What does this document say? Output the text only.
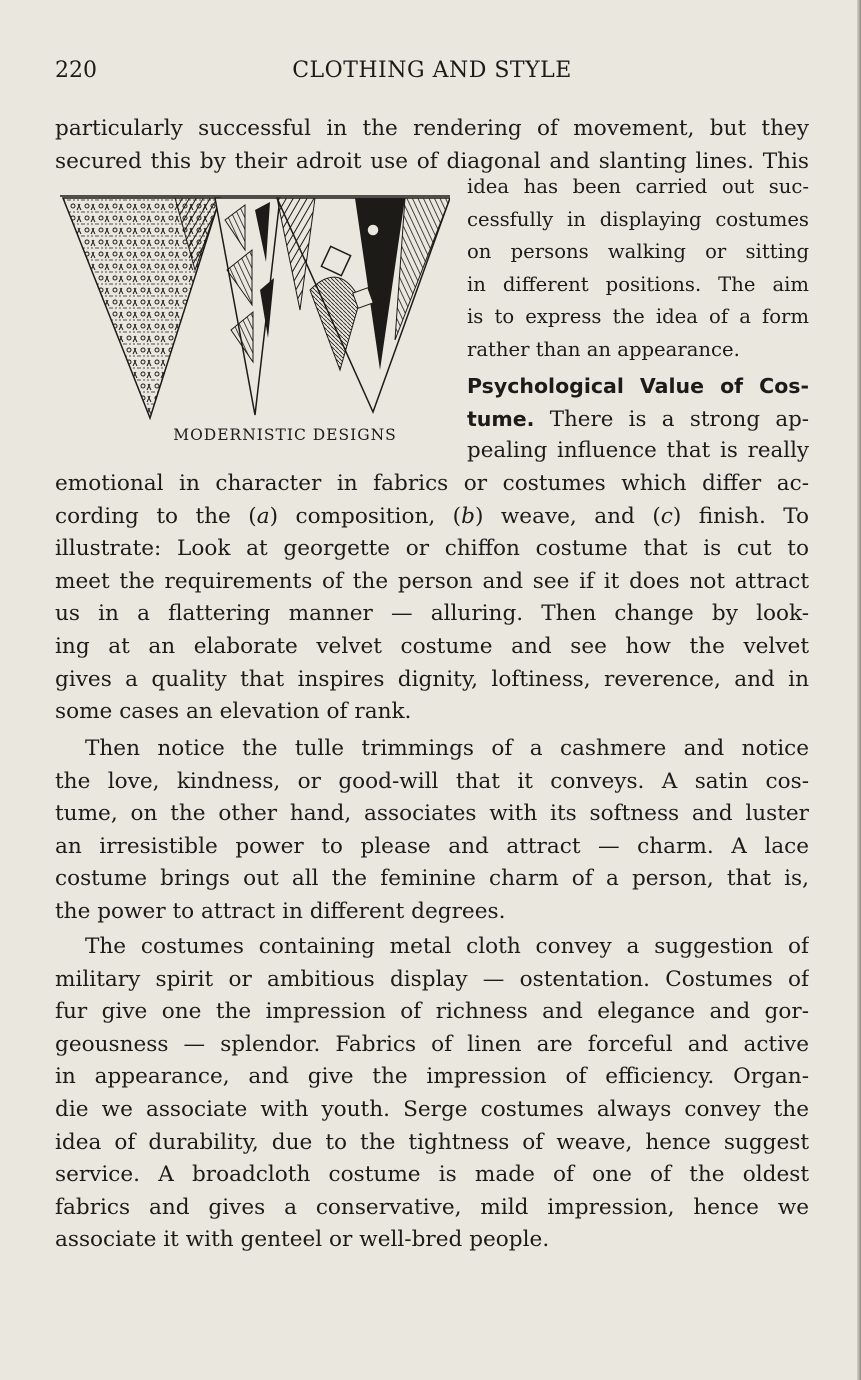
220	CLOTHING AND STYLE
particularly successful in the rendering of movement, but they
secured this by their adroit use of diagonal and slanting lines. This
MODERNISTIC DESIGNS
idea has been carried out suc-
cessfully in displaying costumes
on persons walking or sitting
in different positions. The aim
is to express the idea of a form
rather than an appearance.
Psychological Value of Cos-
tume. There is a strong ap-
pealing influence that is really
emotional in character in fabrics or costumes which differ ac-
cording to the (a) composition, (b) weave, and (c) finish. To
illustrate: Look at georgette or chiffon costume that is cut to
meet the requirements of the person and see if it does not attract
us in a flattering manner — alluring. Then change by look-
ing at an elaborate velvet costume and see how the velvet
gives a quality that inspires dignity, loftiness, reverence, and in
some cases an elevation of rank.
Then notice the tulle trimmings of a cashmere and notice
the love, kindness, or good-will that it conveys. A satin cos-
tume, on the other hand, associates with its softness and luster
an irresistible power to please and attract — charm. A lace
costume brings out all the feminine charm of a person, that is,
the power to attract in different degrees.
The costumes containing metal cloth convey a suggestion of
military spirit or ambitious display — ostentation. Costumes of
fur give one the impression of richness and elegance and gor-
geousness — splendor. Fabrics of linen are forceful and active
in appearance, and give the impression of efficiency. Organ-
die we associate with youth. Serge costumes always convey the
idea of durability, due to the tightness of weave, hence suggest
service. A broadcloth costume is made of one of the oldest
fabrics and gives a conservative, mild impression, hence we
associate it with genteel or well-bred people.
